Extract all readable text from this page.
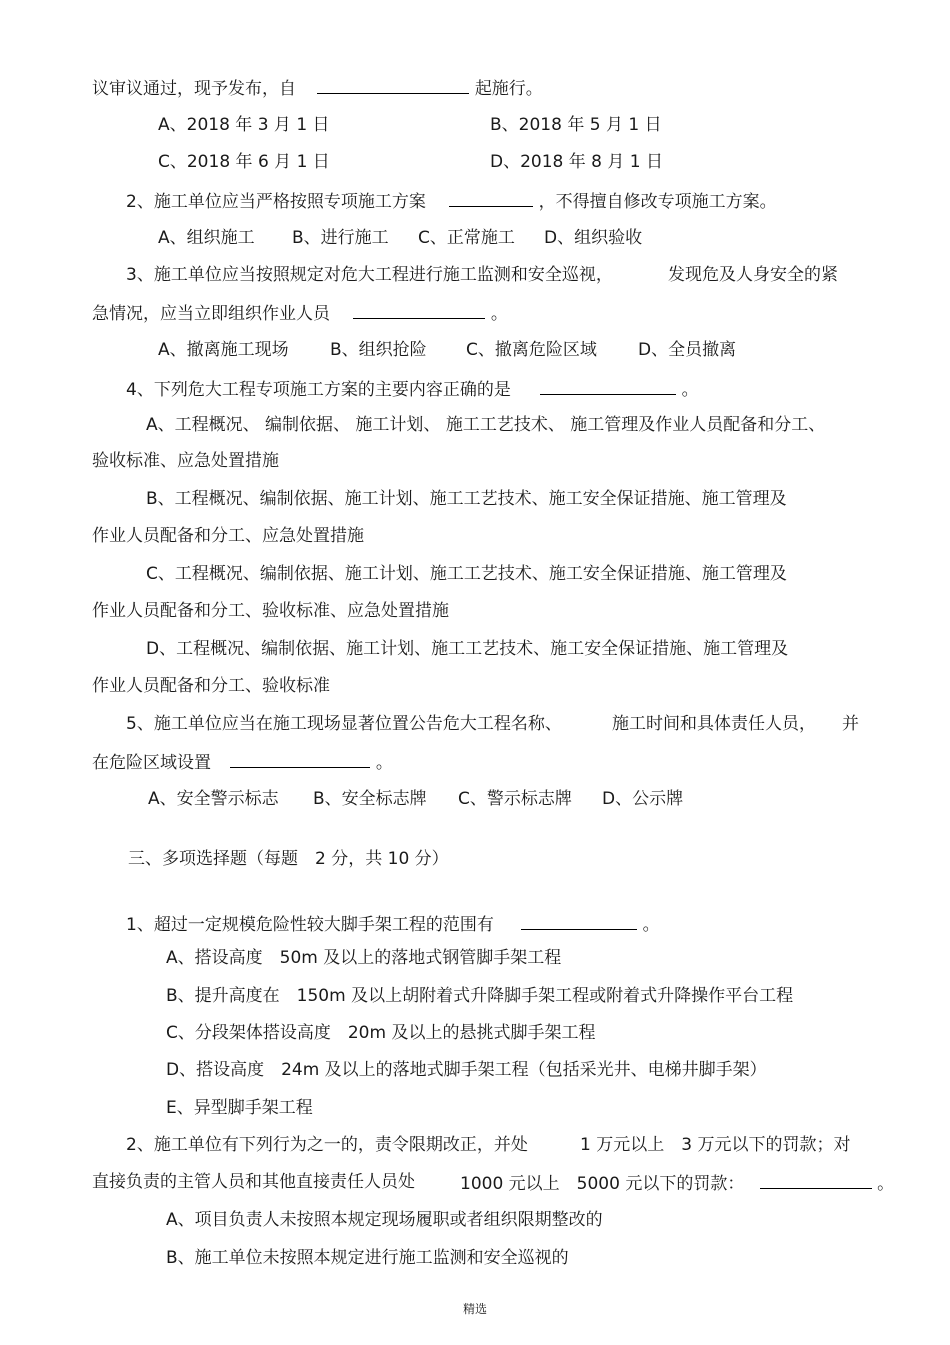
议审议通过，现予发布，自	起施行。
A、2018 年 3 月 1 日	B、2018 年 5 月 1 日
C、2018 年 6 月 1 日	D、2018 年 8 月 1 日
2、施工单位应当严格按照专项施工方案	，不得擅自修改专项施工方案。
A、组织施工 B、进行施工 C、正常施工 D、组织验收
3、施工单位应当按照规定对危大工程进行施工监测和安全巡视，	发现危及人身安全的紧
急情况，应当立即组织作业人员	。
A、撤离施工现场 B、组织抢险 C、撤离危险区域 D、全员撤离
4、下列危大工程专项施工方案的主要内容正确的是	。
A、工程概况、 编制依据、 施工计划、 施工工艺技术、 施工管理及作业人员配备和分工、
验收标准、应急处置措施
B、工程概况、编制依据、施工计划、施工工艺技术、施工安全保证措施、施工管理及
作业人员配备和分工、应急处置措施
C、工程概况、编制依据、施工计划、施工工艺技术、施工安全保证措施、施工管理及
作业人员配备和分工、验收标准、应急处置措施
D、工程概况、编制依据、施工计划、施工工艺技术、施工安全保证措施、施工管理及
作业人员配备和分工、验收标准
5、施工单位应当在施工现场显著位置公告危大工程名称、	施工时间和具体责任人员， 并
在危险区域设置	。
A、安全警示标志 B、安全标志牌 C、警示标志牌 D、公示牌
三、多项选择题（每题　2 分，共 10 分）
1、超过一定规模危险性较大脚手架工程的范围有	。
A、搭设高度　50m 及以上的落地式钢管脚手架工程
B、提升高度在　150m 及以上胡附着式升降脚手架工程或附着式升降操作平台工程
C、分段架体搭设高度　20m 及以上的悬挑式脚手架工程
D、搭设高度　24m 及以上的落地式脚手架工程（包括采光井、电梯井脚手架）
E、异型脚手架工程
2、施工单位有下列行为之一的，责令限期改正，并处	1 万元以上　3 万元以下的罚款；对
直接负责的主管人员和其他直接责任人员处	1000 元以上　5000 元以下的罚款：	。
A、项目负责人未按照本规定现场履职或者组织限期整改的
B、施工单位未按照本规定进行施工监测和安全巡视的
精选
